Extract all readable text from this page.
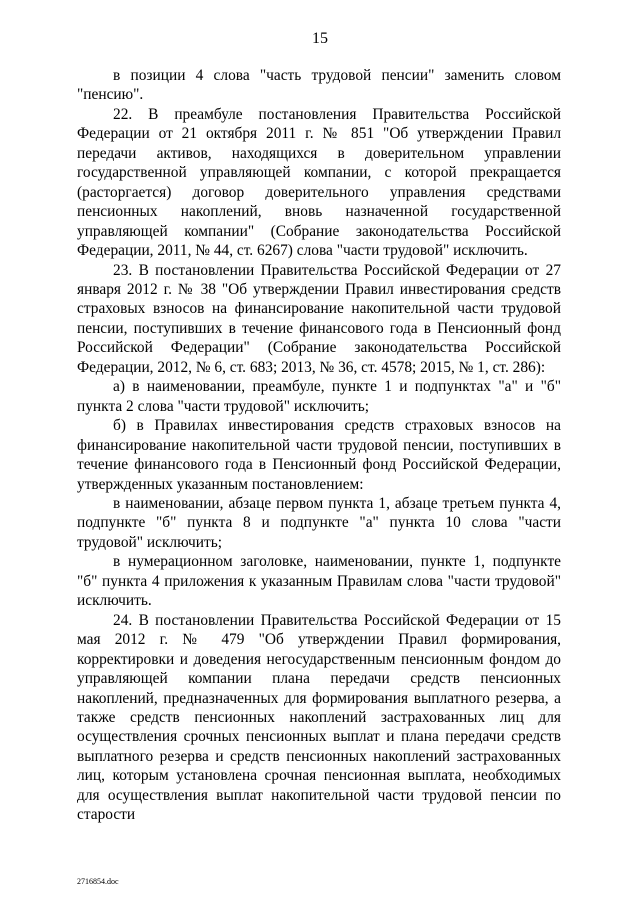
15

в позиции 4 слова "часть трудовой пенсии" заменить словом "пенсию".

22. В преамбуле постановления Правительства Российской Федерации от 21 октября 2011 г. № 851 "Об утверждении Правил передачи активов, находящихся в доверительном управлении государственной управляющей компании, с которой прекращается (расторгается) договор доверительного управления средствами пенсионных накоплений, вновь назначенной государственной управляющей компании" (Собрание законодательства Российской Федерации, 2011, № 44, ст. 6267) слова "части трудовой" исключить.

23. В постановлении Правительства Российской Федерации от 27 января 2012 г. № 38 "Об утверждении Правил инвестирования средств страховых взносов на финансирование накопительной части трудовой пенсии, поступивших в течение финансового года в Пенсионный фонд Российской Федерации" (Собрание законодательства Российской Федерации, 2012, № 6, ст. 683; 2013, № 36, ст. 4578; 2015, № 1, ст. 286):

а) в наименовании, преамбуле, пункте 1 и подпунктах "а" и "б" пункта 2 слова "части трудовой" исключить;

б) в Правилах инвестирования средств страховых взносов на финансирование накопительной части трудовой пенсии, поступивших в течение финансового года в Пенсионный фонд Российской Федерации, утвержденных указанным постановлением:

в наименовании, абзаце первом пункта 1, абзаце третьем пункта 4, подпункте "б" пункта 8 и подпункте "а" пункта 10 слова "части трудовой" исключить;

в нумерационном заголовке, наименовании, пункте 1, подпункте "б" пункта 4 приложения к указанным Правилам слова "части трудовой" исключить.

24. В постановлении Правительства Российской Федерации от 15 мая 2012 г. № 479 "Об утверждении Правил формирования, корректировки и доведения негосударственным пенсионным фондом до управляющей компании плана передачи средств пенсионных накоплений, предназначенных для формирования выплатного резерва, а также средств пенсионных накоплений застрахованных лиц для осуществления срочных пенсионных выплат и плана передачи средств выплатного резерва и средств пенсионных накоплений застрахованных лиц, которым установлена срочная пенсионная выплата, необходимых для осуществления выплат накопительной части трудовой пенсии по старости

2716854.doc
